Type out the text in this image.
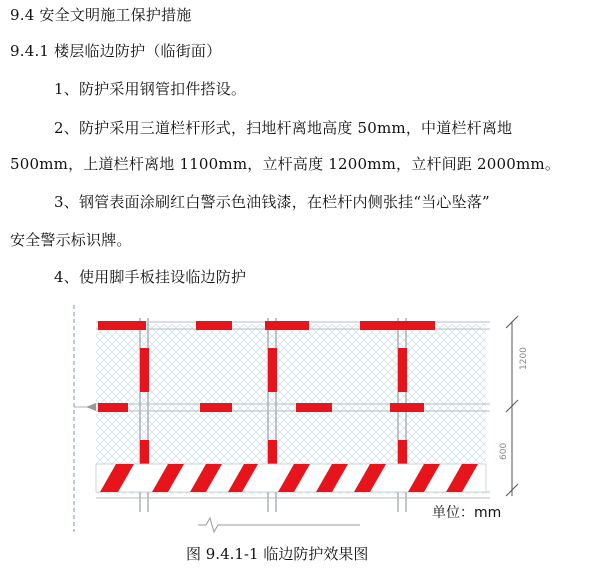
9.4 安全文明施工保护措施
9.4.1 楼层临边防护（临街面）
1、防护采用钢管扣件搭设。
2、防护采用三道栏杆形式，扫地杆离地高度 50mm，中道栏杆离地
500mm，上道栏杆离地 1100mm，立杆高度 1200mm，立杆间距 2000mm。
3、钢管表面涂刷红白警示色油钱漆，在栏杆内侧张挂“当心坠落”
安全警示标识牌。
4、使用脚手板挂设临边防护
1200
600
单位：mm
图 9.4.1-1 临边防护效果图
